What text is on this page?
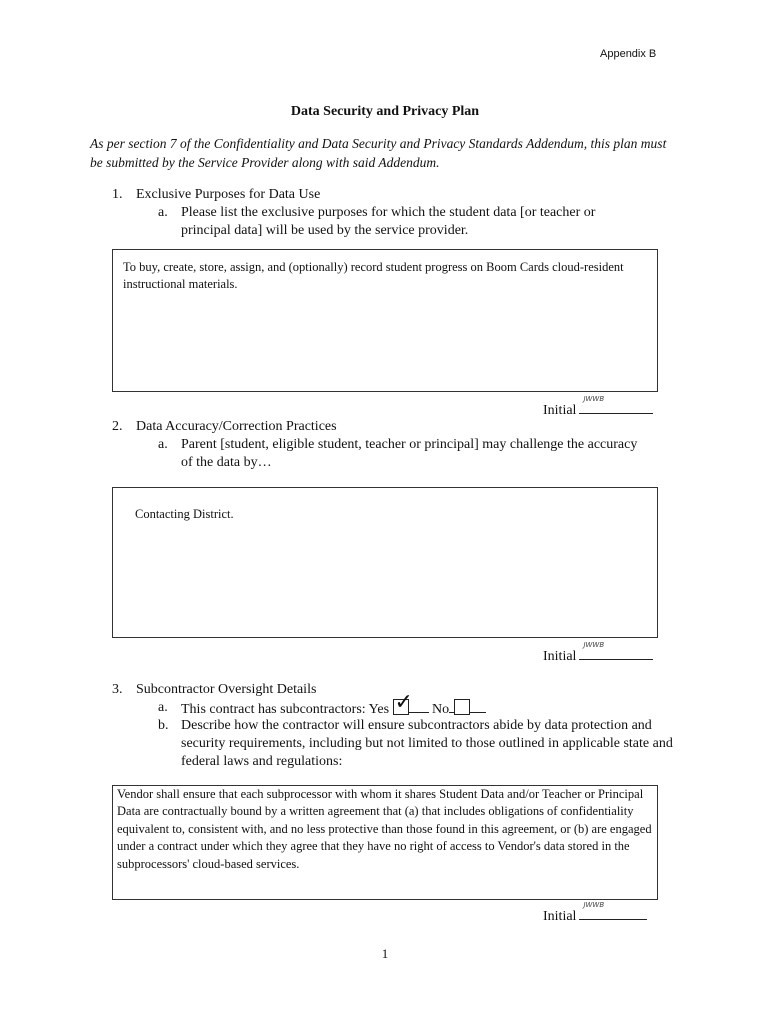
Appendix B
Data Security and Privacy Plan
As per section 7 of the Confidentiality and Data Security and Privacy Standards Addendum, this plan must be submitted by the Service Provider along with said Addendum.
1. Exclusive Purposes for Data Use
a. Please list the exclusive purposes for which the student data [or teacher or principal data] will be used by the service provider.
To buy, create, store, assign, and (optionally) record student progress on Boom Cards cloud-resident instructional materials.
Initial
JWWB
2. Data Accuracy/Correction Practices
a. Parent [student, eligible student, teacher or principal] may challenge the accuracy of the data by…
Contacting District.
Initial
JWWB
3. Subcontractor Oversight Details
a. This contract has subcontractors: Yes ✓ No
b. Describe how the contractor will ensure subcontractors abide by data protection and security requirements, including but not limited to those outlined in applicable state and federal laws and regulations:
Vendor shall ensure that each subprocessor with whom it shares Student Data and/or Teacher or Principal Data are contractually bound by a written agreement that (a) that includes obligations of confidentiality equivalent to, consistent with, and no less protective than those found in this agreement, or (b) are engaged under a contract under which they agree that they have no right of access to Vendor's data stored in the subprocessors' cloud-based services.
Initial
JWWB
1
